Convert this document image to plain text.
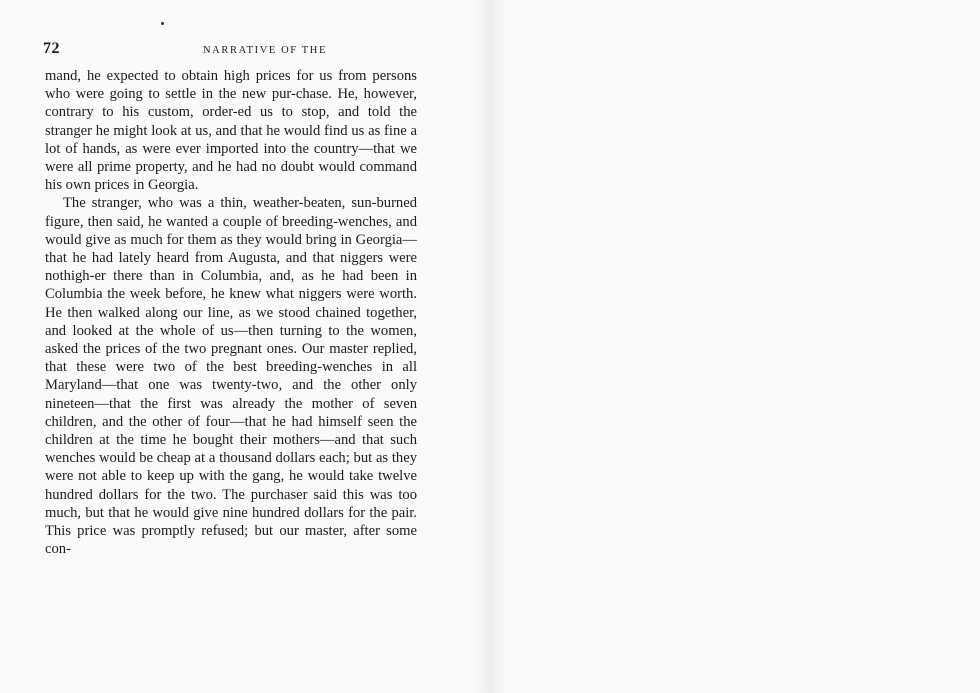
72	NARRATIVE OF THE

mand, he expected to obtain high prices for us from persons who were going to settle in the new pur-chase. He, however, contrary to his custom, order-ed us to stop, and told the stranger he might look at us, and that he would find us as fine a lot of hands, as were ever imported into the country—that we were all prime property, and he had no doubt would command his own prices in Georgia.

The stranger, who was a thin, weather-beaten, sun-burned figure, then said, he wanted a couple of breeding-wenches, and would give as much for them as they would bring in Georgia—that he had lately heard from Augusta, and that niggers were nothigh-er there than in Columbia, and, as he had been in Columbia the week before, he knew what niggers were worth. He then walked along our line, as we stood chained together, and looked at the whole of us—then turning to the women, asked the prices of the two pregnant ones. Our master replied, that these were two of the best breeding-wenches in all Maryland—that one was twenty-two, and the other only nineteen—that the first was already the mother of seven children, and the other of four—that he had himself seen the children at the time he bought their mothers—and that such wenches would be cheap at a thousand dollars each; but as they were not able to keep up with the gang, he would take twelve hundred dollars for the two. The purchaser said this was too much, but that he would give nine hundred dollars for the pair. This price was promptly refused; but our master, after some con-
